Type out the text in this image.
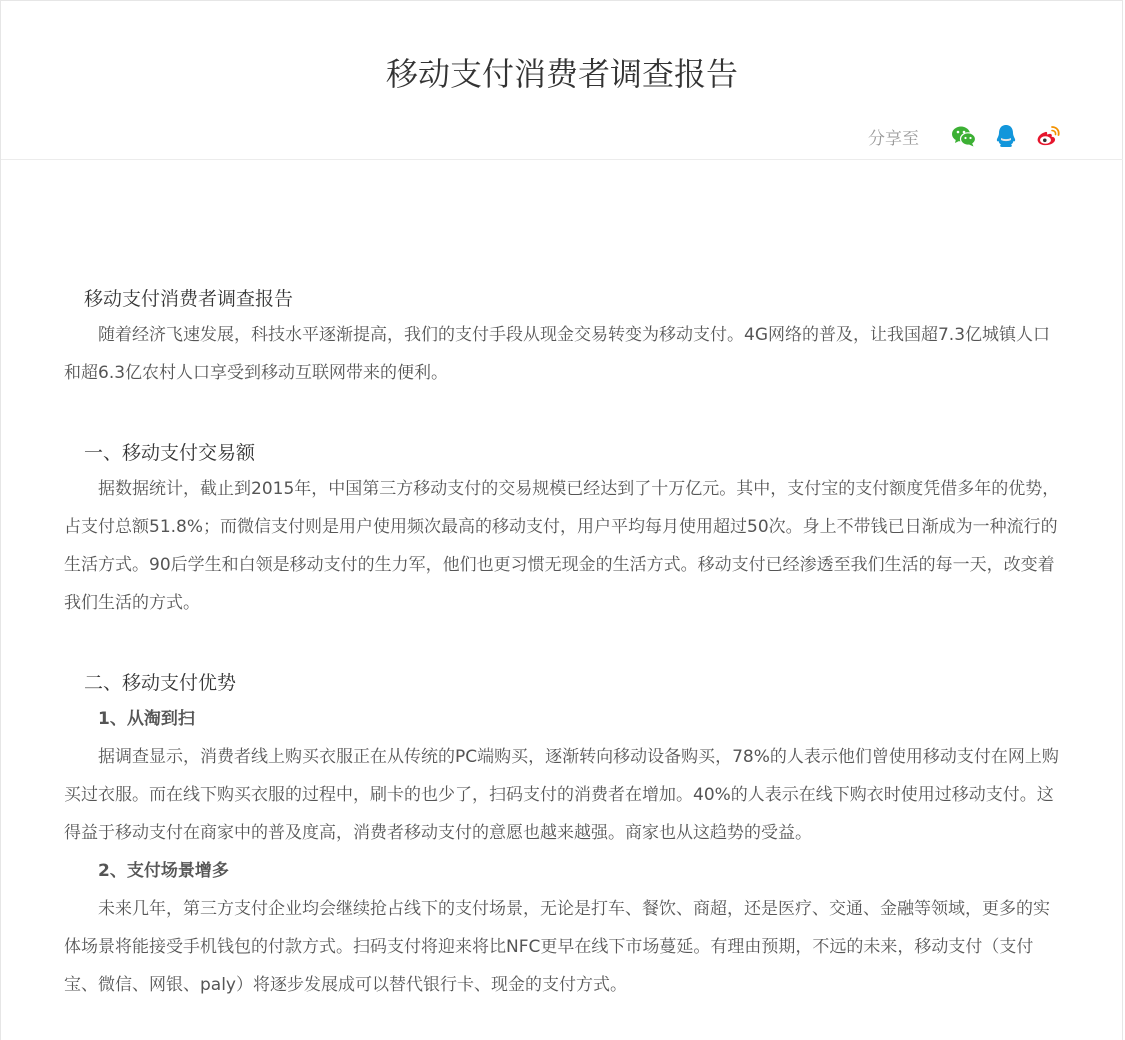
移动支付消费者调查报告
分享至

移动支付消费者调查报告

随着经济飞速发展，科技水平逐渐提高，我们的支付手段从现金交易转变为移动支付。4G网络的普及，让我国超7.3亿城镇人口和超6.3亿农村人口享受到移动互联网带来的便利。

一、移动支付交易额

据数据统计，截止到2015年，中国第三方移动支付的交易规模已经达到了十万亿元。其中，支付宝的支付额度凭借多年的优势，占支付总额51.8%；而微信支付则是用户使用频次最高的移动支付，用户平均每月使用超过50次。身上不带钱已日渐成为一种流行的生活方式。90后学生和白领是移动支付的生力军，他们也更习惯无现金的生活方式。移动支付已经渗透至我们生活的每一天，改变着我们生活的方式。

二、移动支付优势

1、从淘到扫

据调查显示，消费者线上购买衣服正在从传统的PC端购买，逐渐转向移动设备购买，78%的人表示他们曾使用移动支付在网上购买过衣服。而在线下购买衣服的过程中，刷卡的也少了，扫码支付的消费者在增加。40%的人表示在线下购衣时使用过移动支付。这得益于移动支付在商家中的普及度高，消费者移动支付的意愿也越来越强。商家也从这趋势的受益。

2、支付场景增多

未来几年，第三方支付企业均会继续抢占线下的支付场景，无论是打车、餐饮、商超，还是医疗、交通、金融等领域，更多的实体场景将能接受手机钱包的付款方式。扫码支付将迎来将比NFC更早在线下市场蔓延。有理由预期，不远的未来，移动支付（支付宝、微信、网银、paly）将逐步发展成可以替代银行卡、现金的支付方式。
